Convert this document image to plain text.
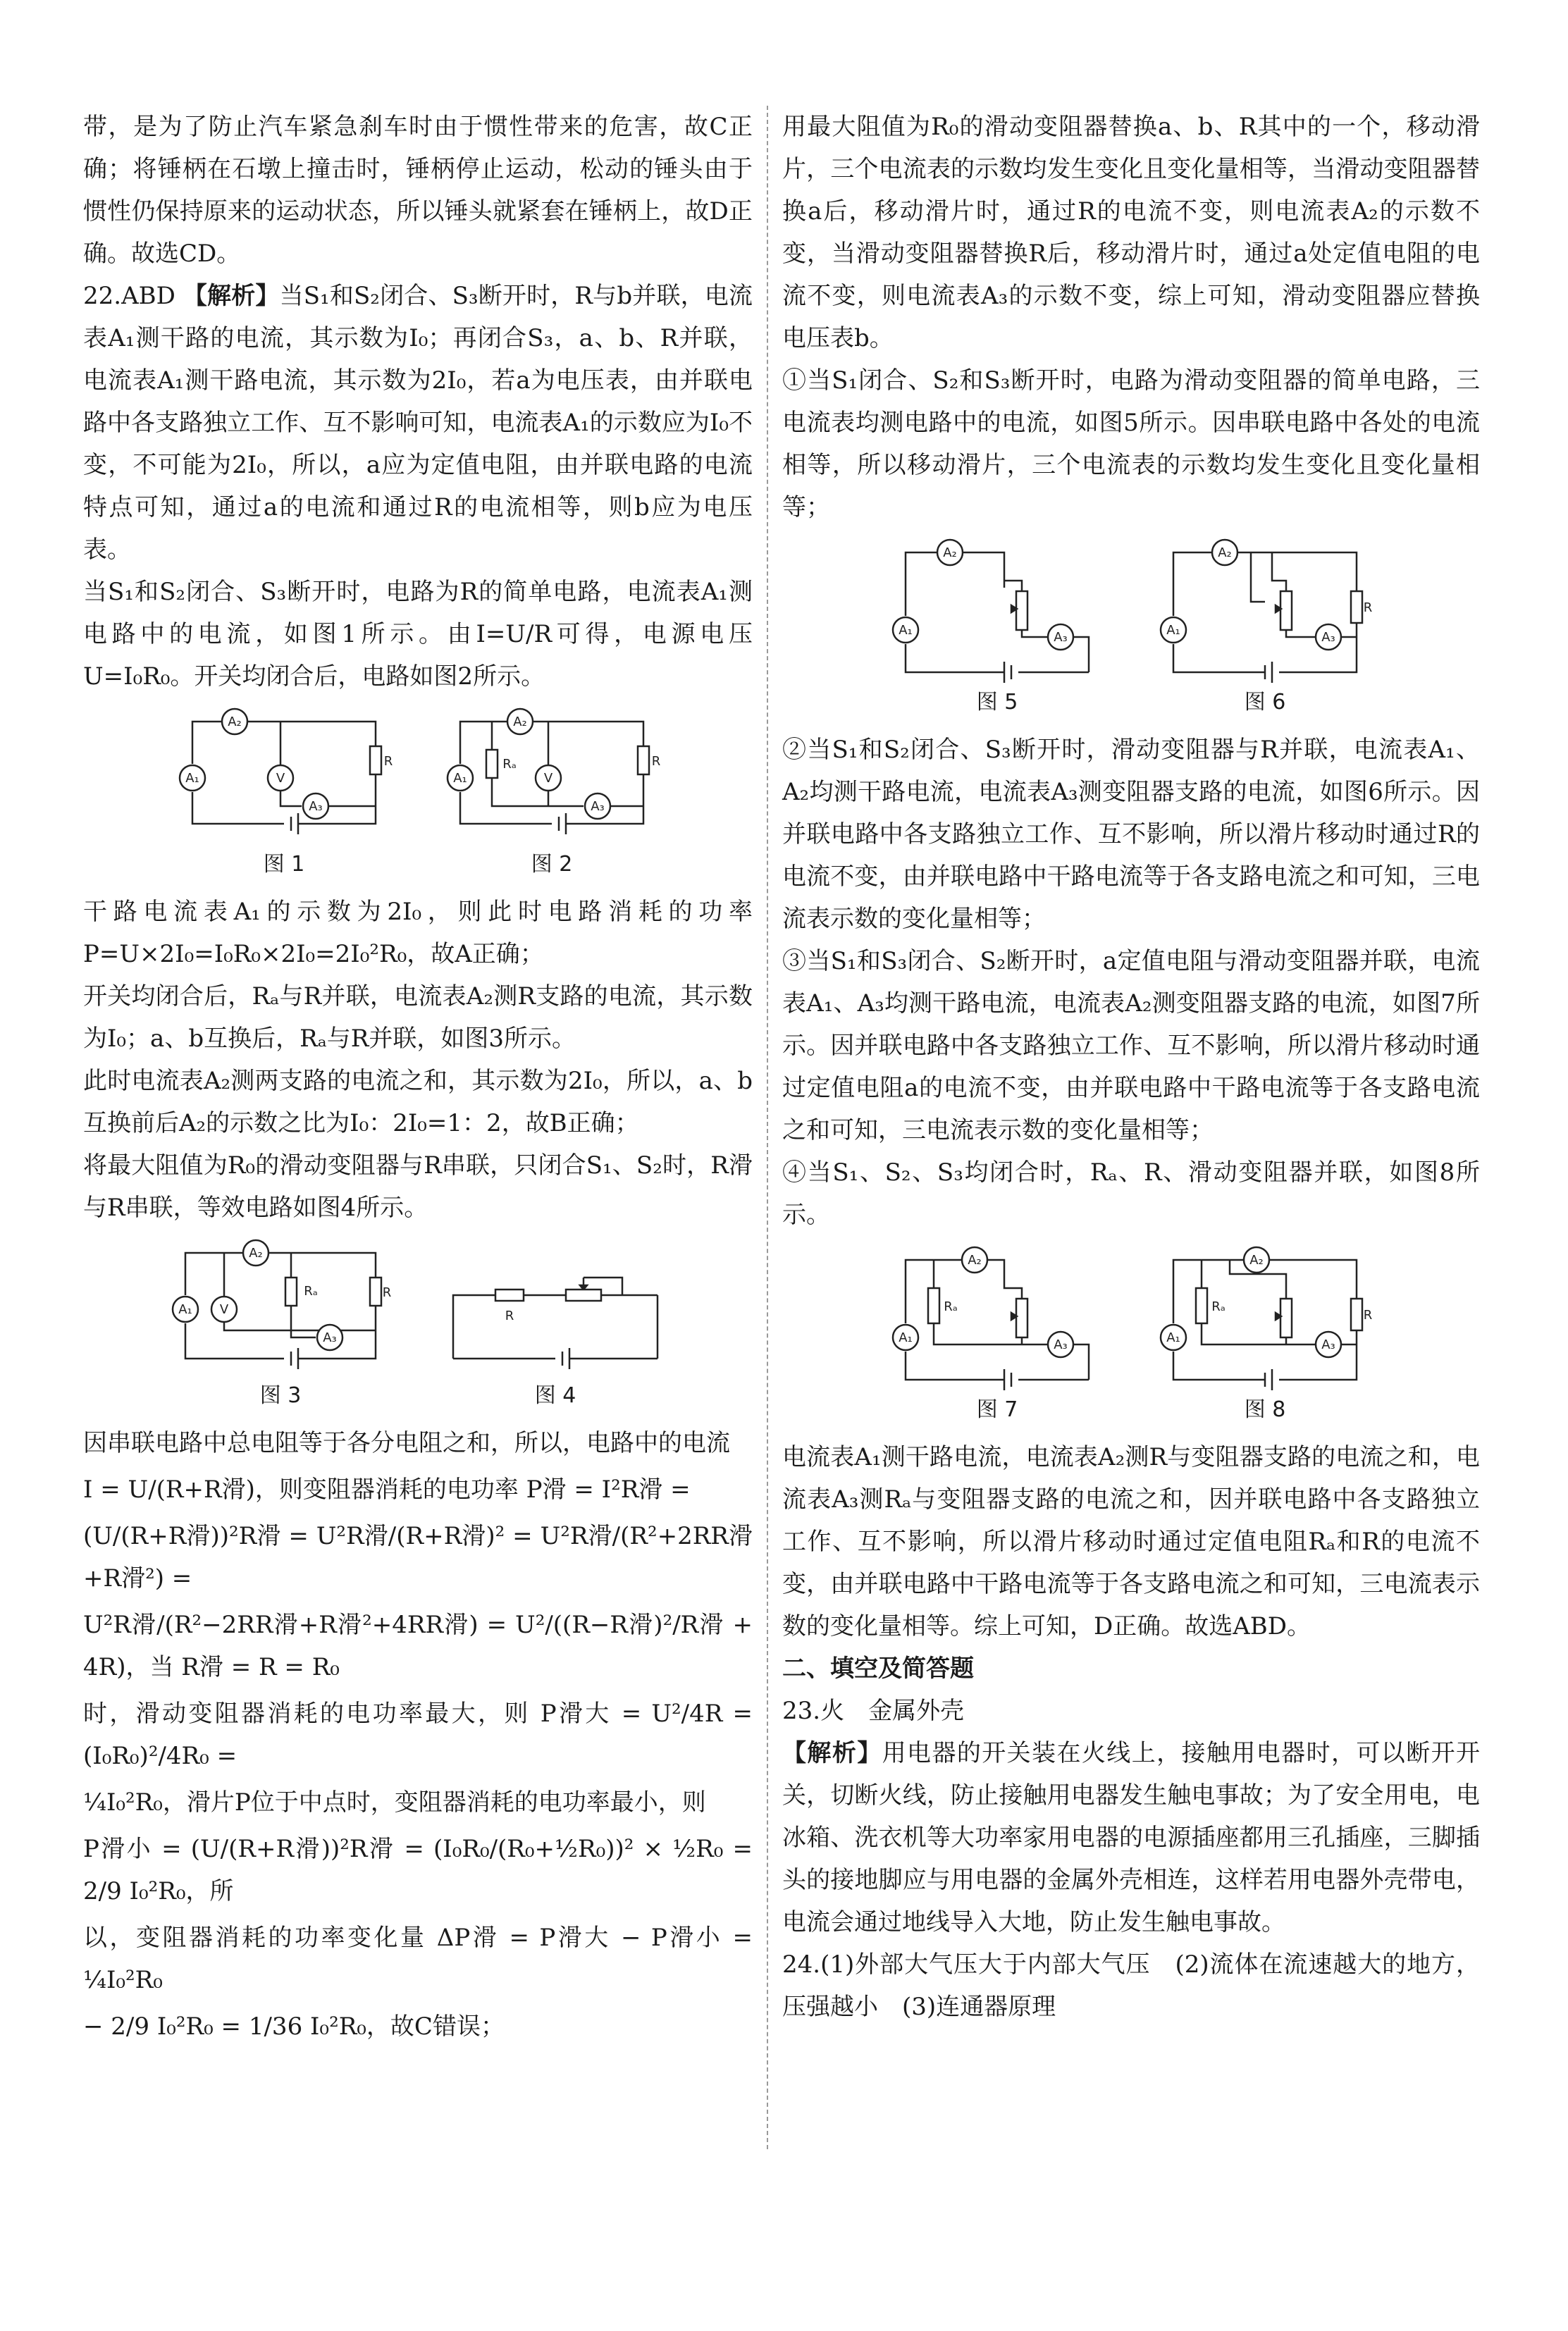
带，是为了防止汽车紧急刹车时由于惯性带来的危害，故C正确；将锤柄在石墩上撞击时，锤柄停止运动，松动的锤头由于惯性仍保持原来的运动状态，所以锤头就紧套在锤柄上，故D正确。故选CD。

22.ABD 【解析】当S₁和S₂闭合、S₃断开时，R与b并联，电流表A₁测干路的电流，其示数为I₀；再闭合S₃，a、b、R并联，电流表A₁测干路电流，其示数为2I₀，若a为电压表，由并联电路中各支路独立工作、互不影响可知，电流表A₁的示数应为I₀不变，不可能为2I₀，所以，a应为定值电阻，由并联电路的电流特点可知，通过a的电流和通过R的电流相等，则b应为电压表。

当S₁和S₂闭合、S₃断开时，电路为R的简单电路，电流表A₁测电路中的电流，如图1所示。由I=U/R可得，电源电压U=I₀R₀。开关均闭合后，电路如图2所示。

A₁
A₂
V
A₃
R
图 1
A₁
A₂
V
A₃
Rₐ	R
图 2

干路电流表A₁的示数为2I₀，则此时电路消耗的功率P=U×2I₀=I₀R₀×2I₀=2I₀²R₀，故A正确；

开关均闭合后，Rₐ与R并联，电流表A₂测R支路的电流，其示数为I₀；a、b互换后，Rₐ与R并联，如图3所示。

此时电流表A₂测两支路的电流之和，其示数为2I₀，所以，a、b互换前后A₂的示数之比为I₀：2I₀=1：2，故B正确；

将最大阻值为R₀的滑动变阻器与R串联，只闭合S₁、S₂时，R滑与R串联，等效电路如图4所示。

A₁
A₂
V
A₃
Rₐ	R
图 3
R
图 4

因串联电路中总电阻等于各分电阻之和，所以，电路中的电流

I = U/(R+R滑)，则变阻器消耗的电功率 P滑 = I²R滑 =

(U/(R+R滑))²R滑 = U²R滑/(R+R滑)² = U²R滑/(R²+2RR滑+R滑²) =

U²R滑/(R²−2RR滑+R滑²+4RR滑) = U²/((R−R滑)²/R滑 + 4R)，当 R滑 = R = R₀

时，滑动变阻器消耗的电功率最大，则 P滑大 = U²/4R = (I₀R₀)²/4R₀ =

¼I₀²R₀，滑片P位于中点时，变阻器消耗的电功率最小，则

P滑小 = (U/(R+R滑))²R滑 = (I₀R₀/(R₀+½R₀))² × ½R₀ = 2/9 I₀²R₀，所

以，变阻器消耗的功率变化量 ΔP滑 = P滑大 − P滑小 = ¼I₀²R₀

− 2/9 I₀²R₀ = 1/36 I₀²R₀，故C错误；

用最大阻值为R₀的滑动变阻器替换a、b、R其中的一个，移动滑片，三个电流表的示数均发生变化且变化量相等，当滑动变阻器替换a后，移动滑片时，通过R的电流不变，则电流表A₂的示数不变，当滑动变阻器替换R后，移动滑片时，通过a处定值电阻的电流不变，则电流表A₃的示数不变，综上可知，滑动变阻器应替换电压表b。

①当S₁闭合、S₂和S₃断开时，电路为滑动变阻器的简单电路，三电流表均测电路中的电流，如图5所示。因串联电路中各处的电流相等，所以移动滑片，三个电流表的示数均发生变化且变化量相等；

A₁
A₂
A₃
图 5
A₁
A₂
A₃
R
图 6

②当S₁和S₂闭合、S₃断开时，滑动变阻器与R并联，电流表A₁、A₂均测干路电流，电流表A₃测变阻器支路的电流，如图6所示。因并联电路中各支路独立工作、互不影响，所以滑片移动时通过R的电流不变，由并联电路中干路电流等于各支路电流之和可知，三电流表示数的变化量相等；

③当S₁和S₃闭合、S₂断开时，a定值电阻与滑动变阻器并联，电流表A₁、A₃均测干路电流，电流表A₂测变阻器支路的电流，如图7所示。因并联电路中各支路独立工作、互不影响，所以滑片移动时通过定值电阻a的电流不变，由并联电路中干路电流等于各支路电流之和可知，三电流表示数的变化量相等；

④当S₁、S₂、S₃均闭合时，Rₐ、R、滑动变阻器并联，如图8所示。

A₁
A₂
A₃
Rₐ
图 7
A₁
A₂
A₃
Rₐ
R
图 8

电流表A₁测干路电流，电流表A₂测R与变阻器支路的电流之和，电流表A₃测Rₐ与变阻器支路的电流之和，因并联电路中各支路独立工作、互不影响，所以滑片移动时通过定值电阻Rₐ和R的电流不变，由并联电路中干路电流等于各支路电流之和可知，三电流表示数的变化量相等。综上可知，D正确。故选ABD。

二、填空及简答题

23.火　金属外壳

【解析】用电器的开关装在火线上，接触用电器时，可以断开开关，切断火线，防止接触用电器发生触电事故；为了安全用电，电冰箱、洗衣机等大功率家用电器的电源插座都用三孔插座，三脚插头的接地脚应与用电器的金属外壳相连，这样若用电器外壳带电，电流会通过地线导入大地，防止发生触电事故。

24.(1)外部大气压大于内部大气压　(2)流体在流速越大的地方，压强越小　(3)连通器原理
